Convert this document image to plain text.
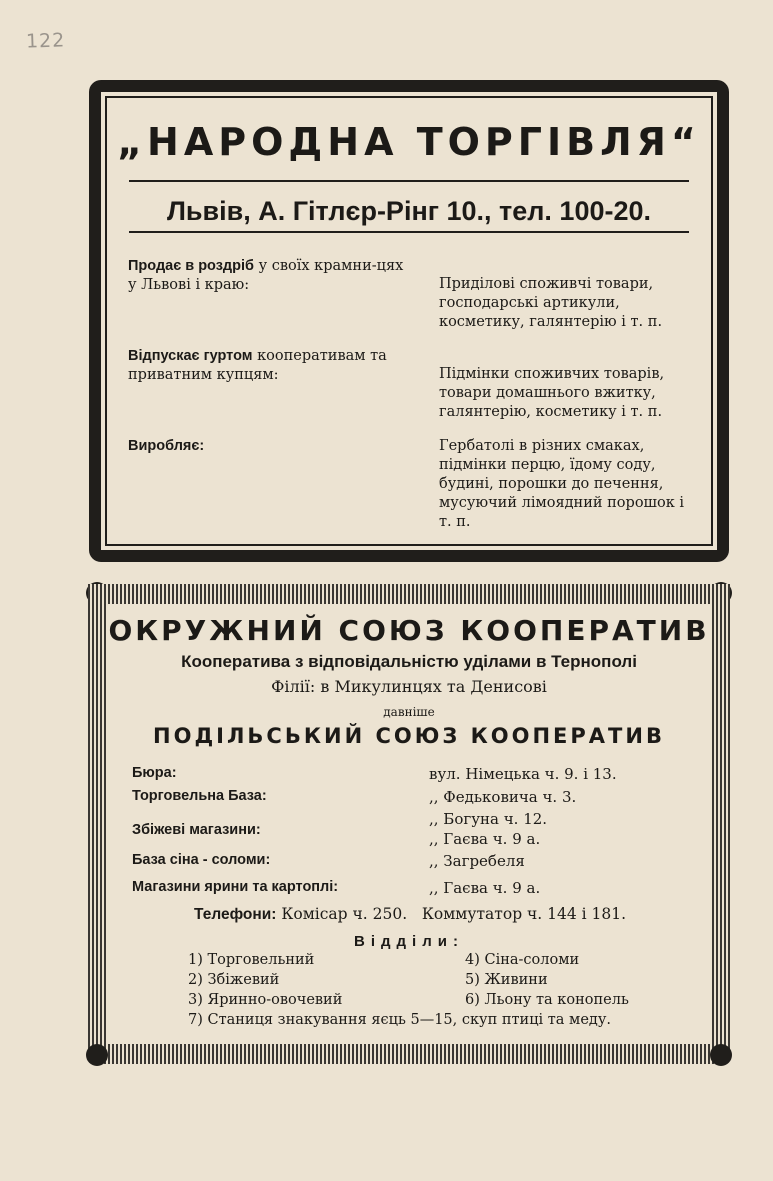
122
„НАРОДНА ТОРГІВЛЯ“
Львів, А. Гітлєр-Рінг 10., тел. 100-20.
Продає в роздріб у своїх крамни-цях у Львові і краю:	Приділові споживчі товари, господарські артикули, косметику, галянтерію і т. п.
Відпускає гуртом кооперативам та приватним купцям:	Підмінки споживчих товарів, товари домашнього вжитку, галянтерію, косметику і т. п.
Виробляє:	Гербатолі в різних смаках, підмінки перцю, їдому соду, будині, порошки до печення, мусуючий лімоядний порошок і т. п.
ОКРУЖНИЙ СОЮЗ КООПЕРАТИВ
Кооператива з відповідальністю уділами в Тернополі
Філії: в Микулинцях та Денисові
давніше
ПОДІЛЬСЬКИЙ СОЮЗ КООПЕРАТИВ
Бюра:	вул. Німецька ч. 9. і 13.
Торговельна База:	,, Федьковича ч. 3.
Збіжеві магазини:
,, Богуна ч. 12.
,, Гаєва ч. 9 а.
База сіна - соломи:	,, Загребеля
Магазини ярини та картоплі:	,, Гаєва ч. 9 а.
Телефони: Комісар ч. 250.   Коммутатор ч. 144 і 181.
Відділи:
1) Торговельний
2) Збіжевий
3) Яринно-овочевий
4) Сіна-соломи
5) Живини
6) Льону та конопель
7) Станиця знакування яєць 5—15, скуп птиці та меду.
